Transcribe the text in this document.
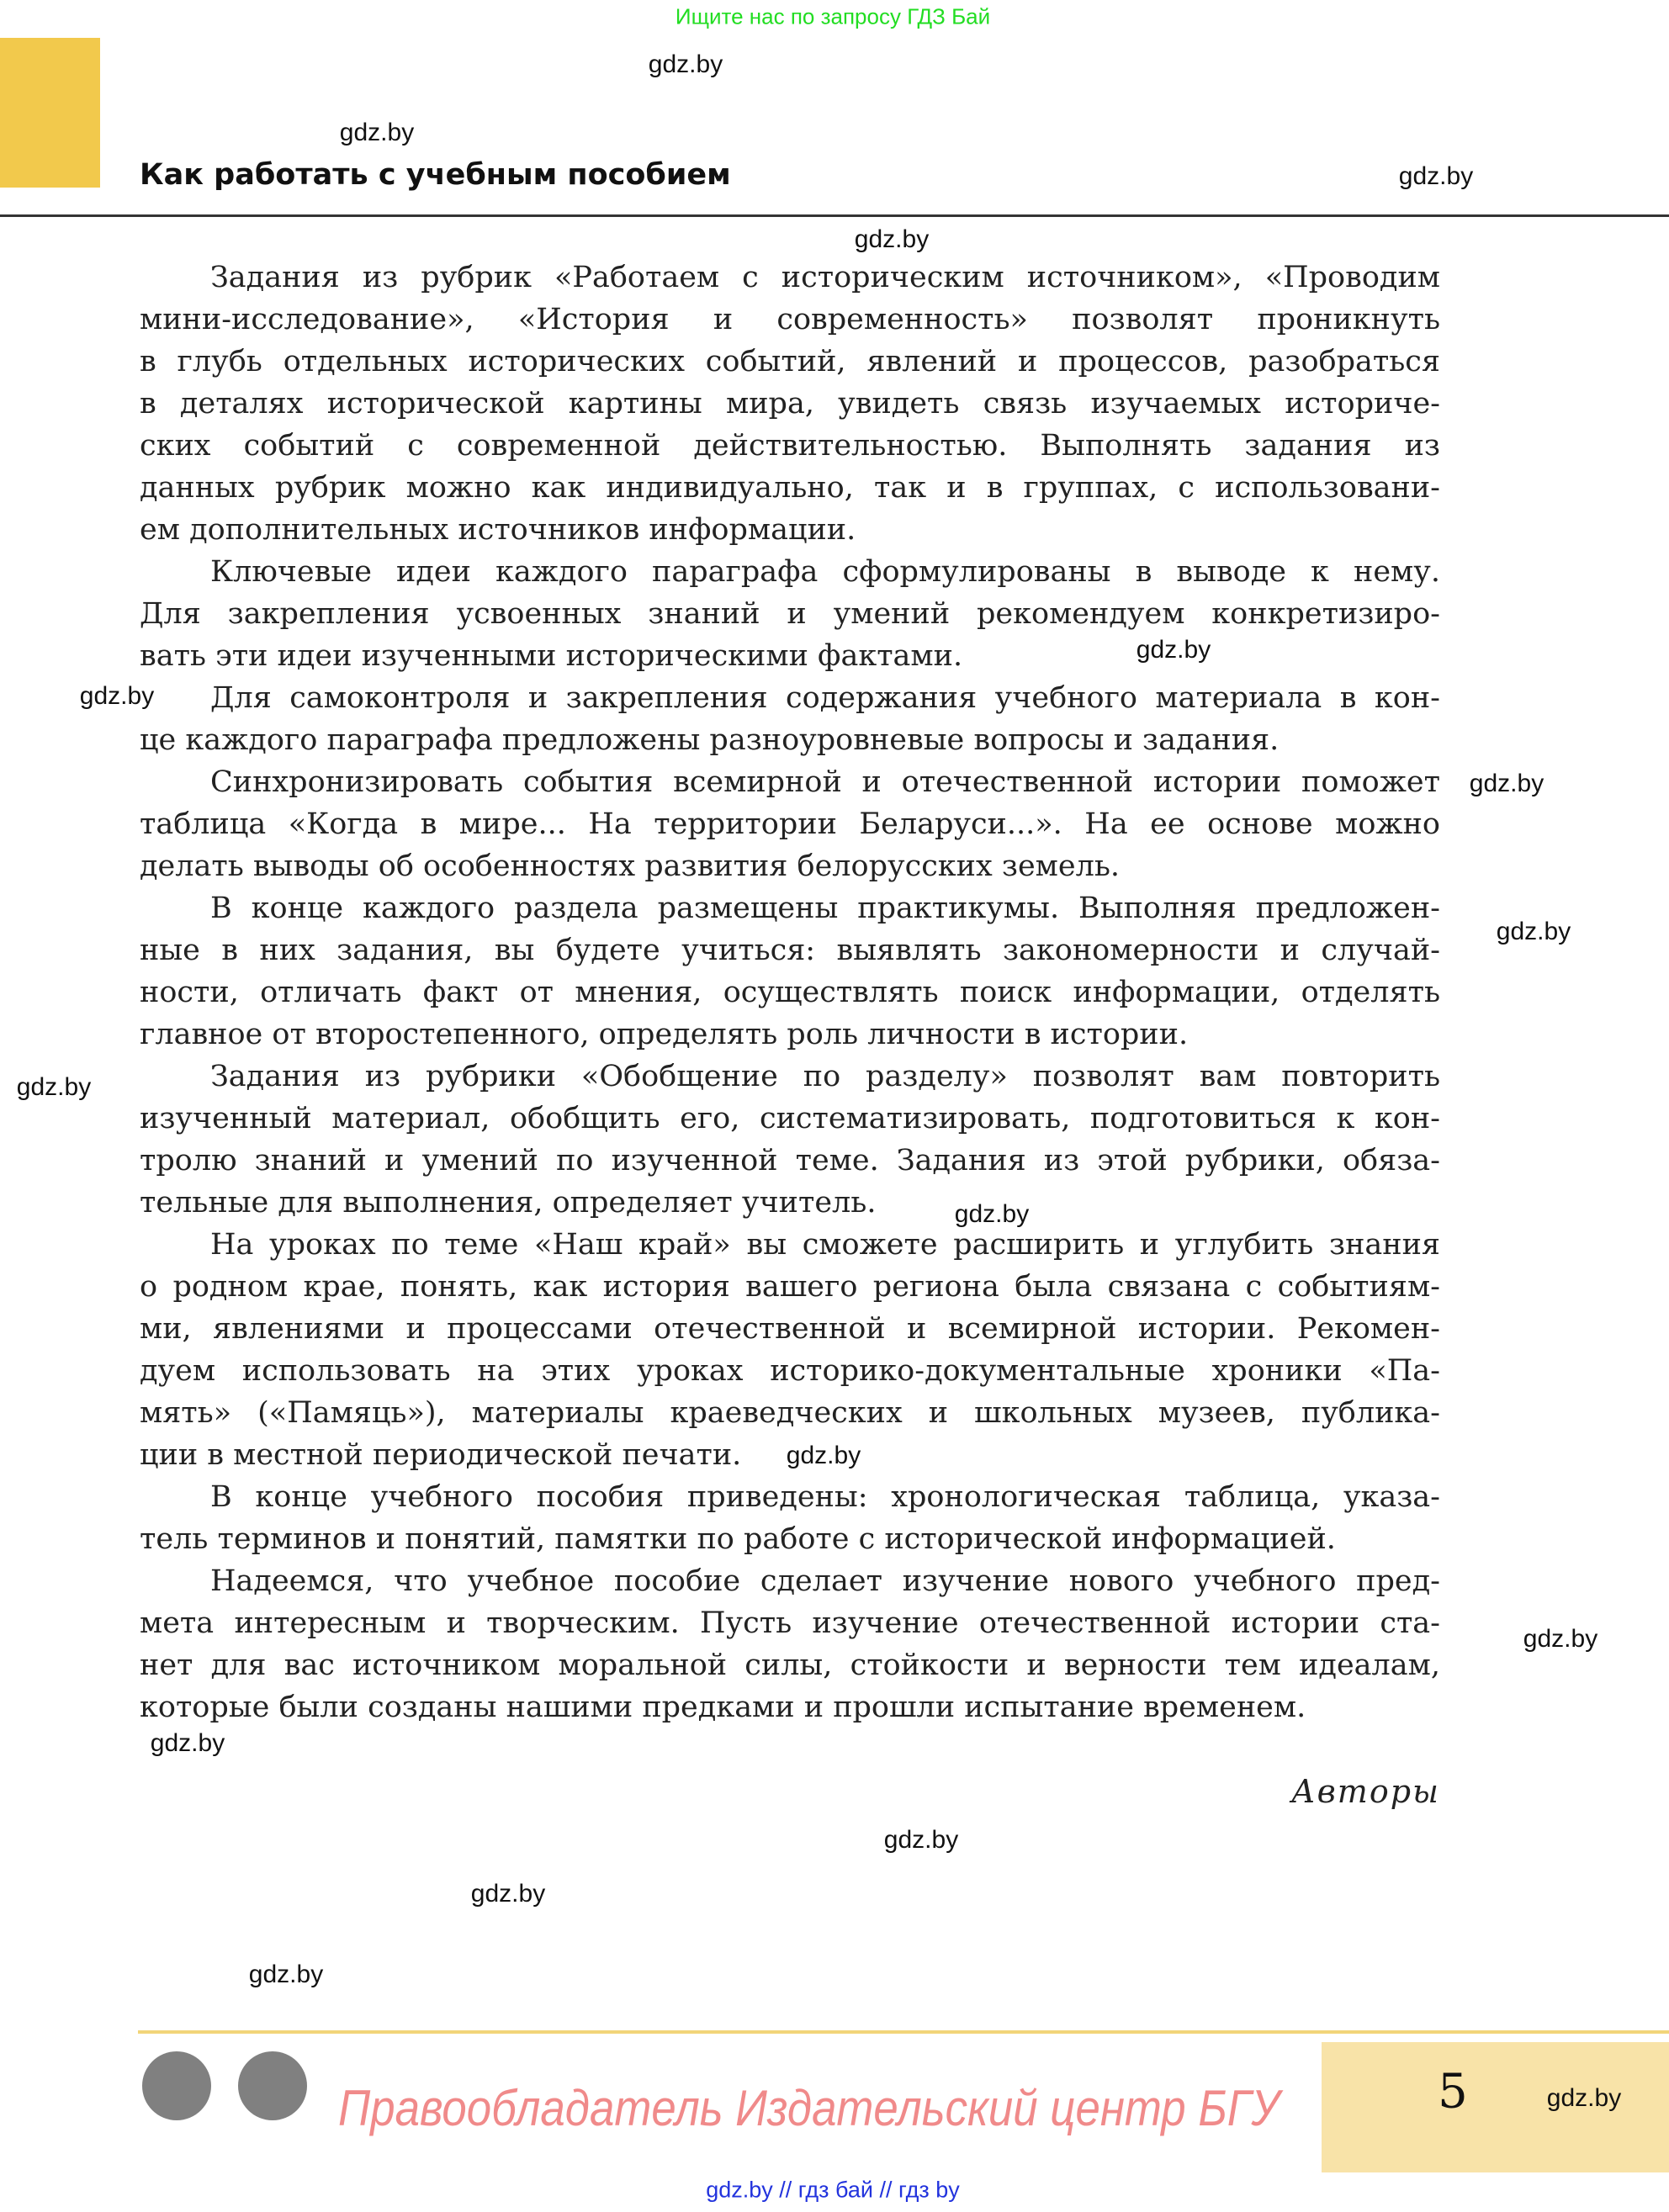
Ищите нас по запросу ГДЗ Бай
Как работать с учебным пособием
Задания из рубрик «Работаем с историческим источником», «Проводим
мини-исследование», «История и современность» позволят проникнуть
в глубь отдельных исторических событий, явлений и процессов, разобраться
в деталях исторической картины мира, увидеть связь изучаемых историче-
ских событий с современной действительностью. Выполнять задания из
данных рубрик можно как индивидуально, так и в группах, с использовани-
ем дополнительных источников информации.
Ключевые идеи каждого параграфа сформулированы в выводе к нему.
Для закрепления усвоенных знаний и умений рекомендуем конкретизиро-
вать эти идеи изученными историческими фактами.
Для самоконтроля и закрепления содержания учебного материала в кон-
це каждого параграфа предложены разноуровневые вопросы и задания.
Синхронизировать события всемирной и отечественной истории поможет
таблица «Когда в мире... На территории Беларуси...». На ее основе можно
делать выводы об особенностях развития белорусских земель.
В конце каждого раздела размещены практикумы. Выполняя предложен-
ные в них задания, вы будете учиться: выявлять закономерности и случай-
ности, отличать факт от мнения, осуществлять поиск информации, отделять
главное от второстепенного, определять роль личности в истории.
Задания из рубрики «Обобщение по разделу» позволят вам повторить
изученный материал, обобщить его, систематизировать, подготовиться к кон-
тролю знаний и умений по изученной теме. Задания из этой рубрики, обяза-
тельные для выполнения, определяет учитель.
На уроках по теме «Наш край» вы сможете расширить и углубить знания
о родном крае, понять, как история вашего региона была связана с событиям-
ми, явлениями и процессами отечественной и всемирной истории. Рекомен-
дуем использовать на этих уроках историко-документальные хроники «Па-
мять» («Памяць»), материалы краеведческих и школьных музеев, публика-
ции в местной периодической печати.
В конце учебного пособия приведены: хронологическая таблица, указа-
тель терминов и понятий, памятки по работе с исторической информацией.
Надеемся, что учебное пособие сделает изучение нового учебного пред-
мета интересным и творческим. Пусть изучение отечественной истории ста-
нет для вас источником моральной силы, стойкости и верности тем идеалам,
которые были созданы нашими предками и прошли испытание временем.
Авторы
Правообладатель Издательский центр БГУ	5
gdz.by // гдз бай // гдз by
gdz.by
gdz.by
gdz.by
gdz.by
gdz.by
gdz.by
gdz.by
gdz.by
gdz.by
gdz.by
gdz.by
gdz.by
gdz.by
gdz.by
gdz.by
gdz.by
gdz.by
